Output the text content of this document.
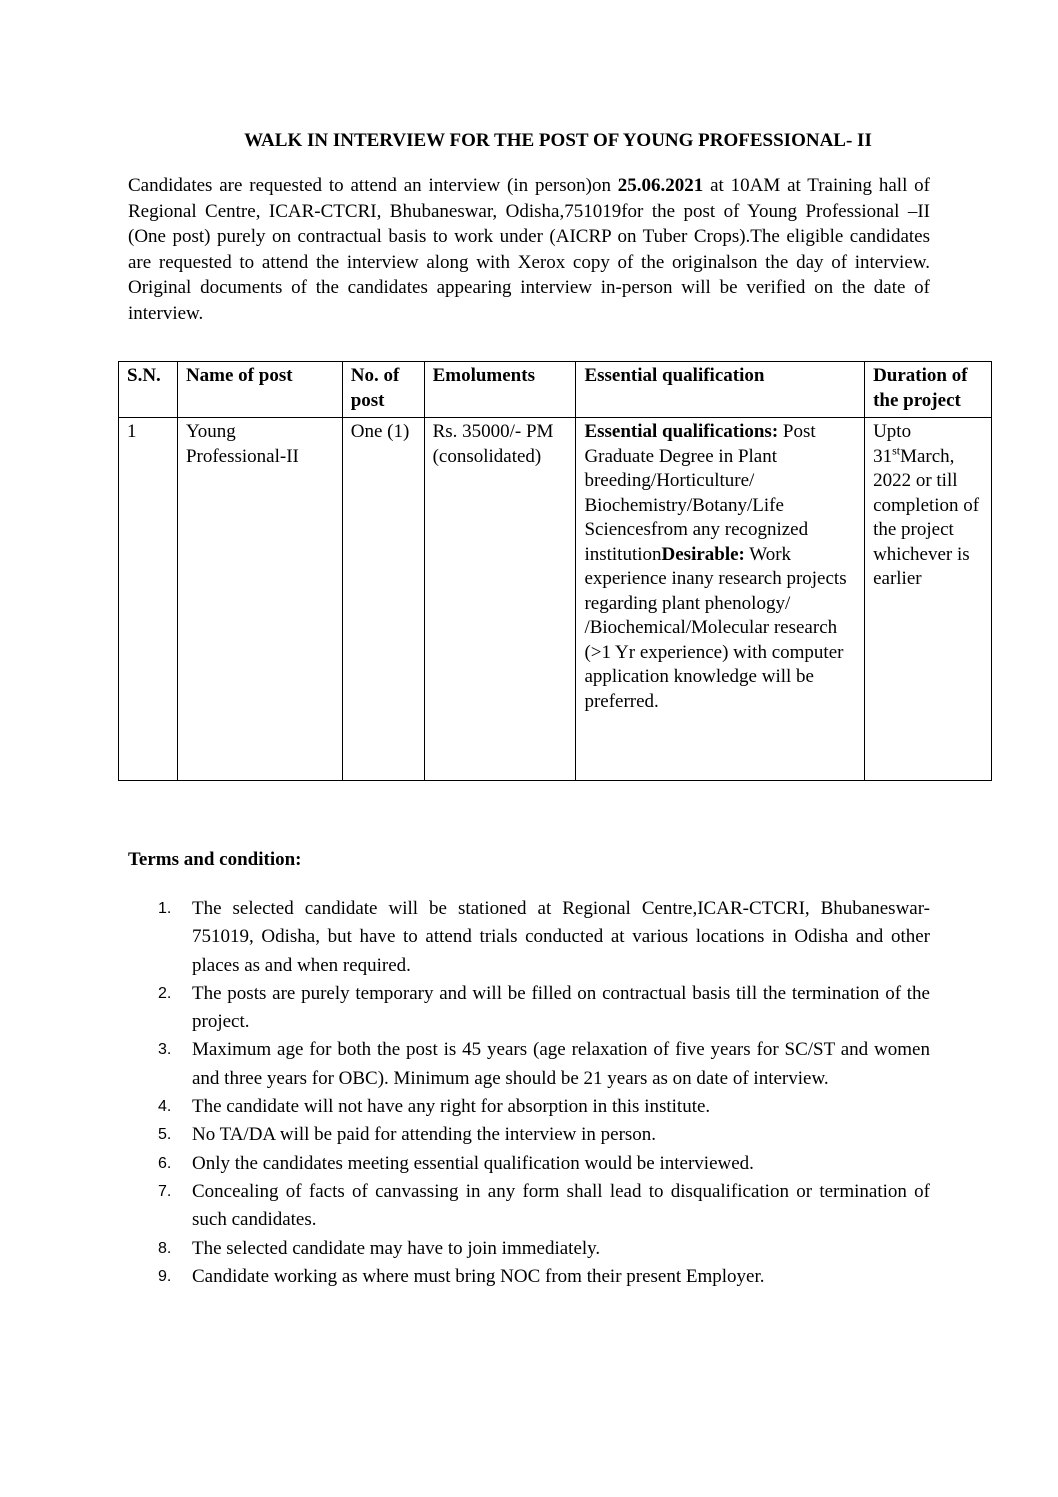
WALK IN INTERVIEW FOR THE POST OF YOUNG PROFESSIONAL- II

Candidates are requested to attend an interview (in person)on 25.06.2021 at 10AM at Training hall of Regional Centre, ICAR-CTCRI, Bhubaneswar, Odisha,751019for the post of Young Professional –II (One post) purely on contractual basis to work under (AICRP on Tuber Crops).The eligible candidates are requested to attend the interview along with Xerox copy of the originalson the day of interview. Original documents of the candidates appearing interview in-person will be verified on the date of interview.

S.N.	Name of post	No. of post	Emoluments	Essential qualification	Duration of the project
1	Young Professional-II	One (1)	Rs. 35000/- PM (consolidated)	Essential qualifications: Post Graduate Degree in Plant breeding/Horticulture/ Biochemistry/Botany/Life Sciencesfrom any recognized institutionDesirable: Work experience inany research projects regarding plant phenology/ /Biochemical/Molecular research (>1 Yr experience) with computer application knowledge will be preferred.	Upto 31stMarch, 2022 or till completion of the project whichever is earlier
Terms and condition:
1. The selected candidate will be stationed at Regional Centre,ICAR-CTCRI, Bhubaneswar-751019, Odisha, but have to attend trials conducted at various locations in Odisha and other places as and when required.
2. The posts are purely temporary and will be filled on contractual basis till the termination of the project.
3. Maximum age for both the post is 45 years (age relaxation of five years for SC/ST and women and three years for OBC). Minimum age should be 21 years as on date of interview.
4. The candidate will not have any right for absorption in this institute.
5. No TA/DA will be paid for attending the interview in person.
6. Only the candidates meeting essential qualification would be interviewed.
7. Concealing of facts of canvassing in any form shall lead to disqualification or termination of such candidates.
8. The selected candidate may have to join immediately.
9. Candidate working as where must bring NOC from their present Employer.
